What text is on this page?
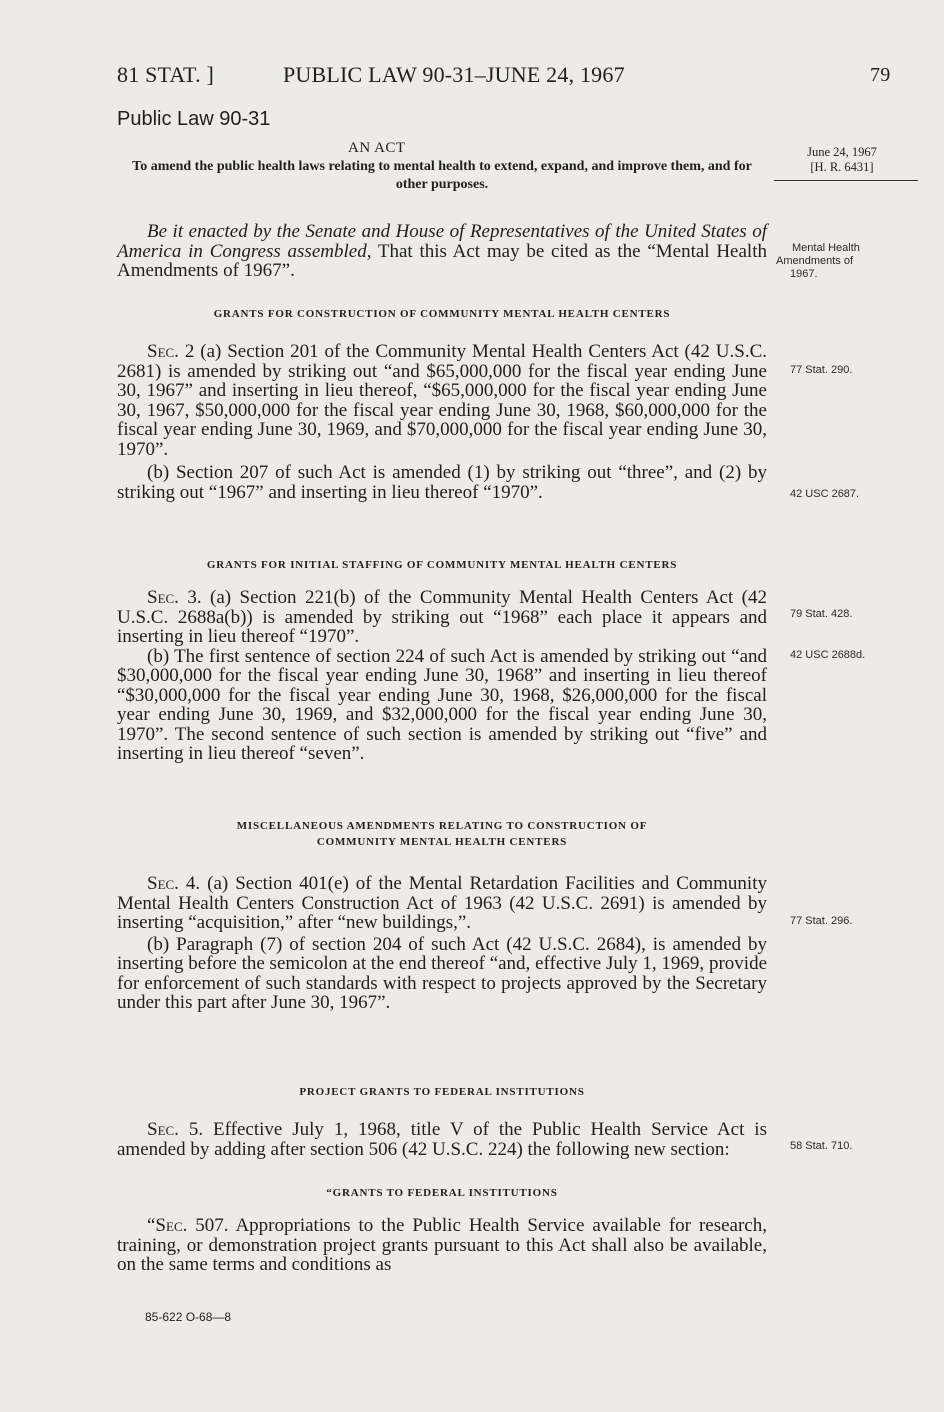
81 STAT. ]	PUBLIC LAW 90-31–JUNE 24, 1967	79
Public Law 90-31
AN ACT
To amend the public health laws relating to mental health to extend, expand, and improve them, and for other purposes.
June 24, 1967
[H. R. 6431]

Be it enacted by the Senate and House of Representatives of the United States of America in Congress assembled, That this Act may be cited as the “Mental Health Amendments of 1967”.

Mental Health
Amendments of
1967.
GRANTS FOR CONSTRUCTION OF COMMUNITY MENTAL HEALTH CENTERS

Sec. 2 (a) Section 201 of the Community Mental Health Centers Act (42 U.S.C. 2681) is amended by striking out “and $65,000,000 for the fiscal year ending June 30, 1967” and inserting in lieu thereof, “$65,000,000 for the fiscal year ending June 30, 1967, $50,000,000 for the fiscal year ending June 30, 1968, $60,000,000 for the fiscal year ending June 30, 1969, and $70,000,000 for the fiscal year ending June 30, 1970”.

(b) Section 207 of such Act is amended (1) by striking out “three”, and (2) by striking out “1967” and inserting in lieu thereof “1970”.

77 Stat. 290.
42 USC 2687.
GRANTS FOR INITIAL STAFFING OF COMMUNITY MENTAL HEALTH CENTERS

Sec. 3. (a) Section 221(b) of the Community Mental Health Centers Act (42 U.S.C. 2688a(b)) is amended by striking out “1968” each place it appears and inserting in lieu thereof “1970”.

(b) The first sentence of section 224 of such Act is amended by striking out “and $30,000,000 for the fiscal year ending June 30, 1968” and inserting in lieu thereof “$30,000,000 for the fiscal year ending June 30, 1968, $26,000,000 for the fiscal year ending June 30, 1969, and $32,000,000 for the fiscal year ending June 30, 1970”. The second sentence of such section is amended by striking out “five” and inserting in lieu thereof “seven”.

79 Stat. 428.
42 USC 2688d.
MISCELLANEOUS AMENDMENTS RELATING TO CONSTRUCTION OF
COMMUNITY MENTAL HEALTH CENTERS

Sec. 4. (a) Section 401(e) of the Mental Retardation Facilities and Community Mental Health Centers Construction Act of 1963 (42 U.S.C. 2691) is amended by inserting “acquisition,” after “new buildings,”.

(b) Paragraph (7) of section 204 of such Act (42 U.S.C. 2684), is amended by inserting before the semicolon at the end thereof “and, effective July 1, 1969, provide for enforcement of such standards with respect to projects approved by the Secretary under this part after June 30, 1967”.

77 Stat. 296.
PROJECT GRANTS TO FEDERAL INSTITUTIONS

Sec. 5. Effective July 1, 1968, title V of the Public Health Service Act is amended by adding after section 506 (42 U.S.C. 224) the following new section:	58 Stat. 710.
“GRANTS TO FEDERAL INSTITUTIONS

“Sec. 507. Appropriations to the Public Health Service available for research, training, or demonstration project grants pursuant to this Act shall also be available, on the same terms and conditions as

85-622 O-68—8
